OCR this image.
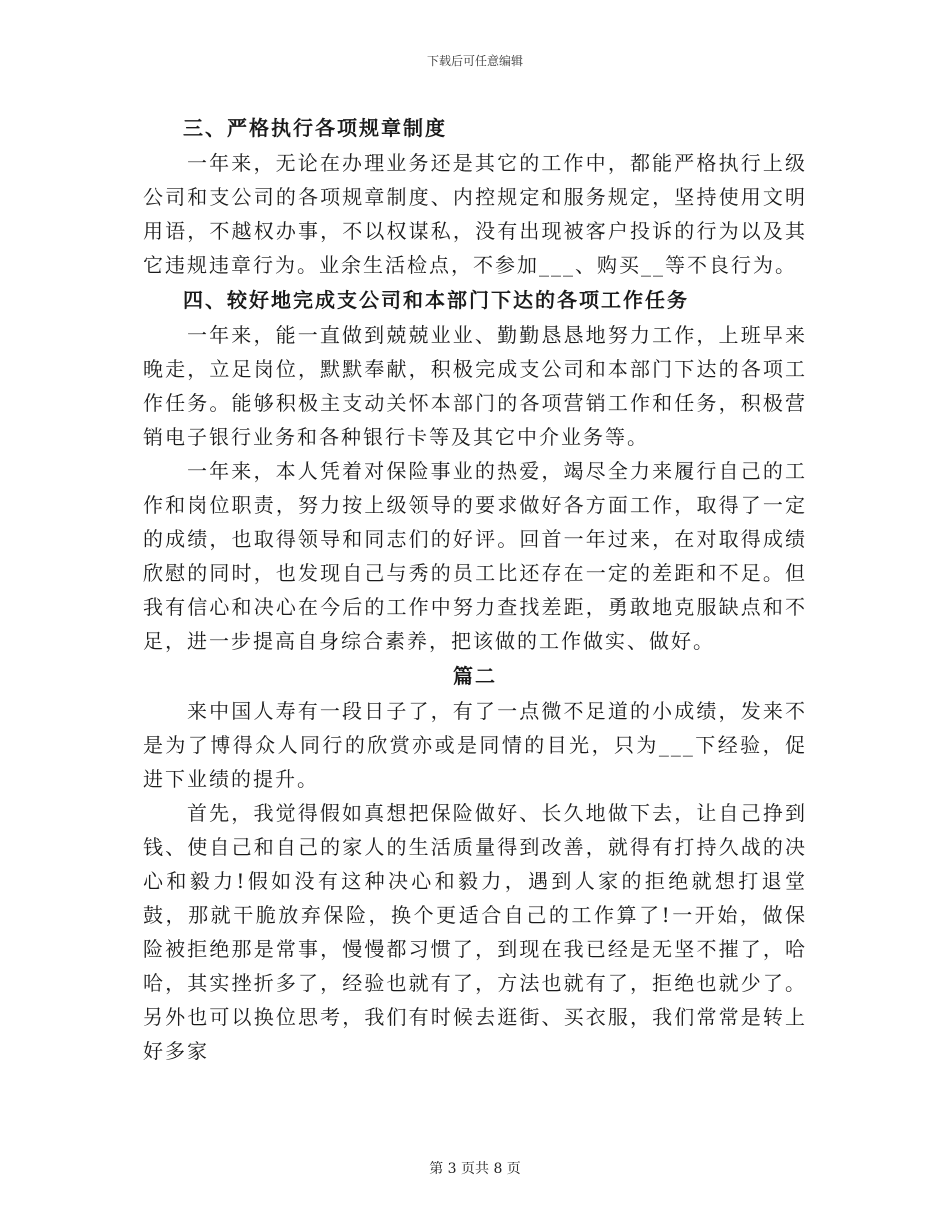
下载后可任意编辑
三、严格执行各项规章制度

一年来，无论在办理业务还是其它的工作中，都能严格执行上级公司和支公司的各项规章制度、内控规定和服务规定，坚持使用文明用语，不越权办事，不以权谋私，没有出现被客户投诉的行为以及其它违规违章行为。业余生活检点，不参加___、购买__等不良行为。

四、较好地完成支公司和本部门下达的各项工作任务

一年来，能一直做到兢兢业业、勤勤恳恳地努力工作，上班早来晚走，立足岗位，默默奉献，积极完成支公司和本部门下达的各项工作任务。能够积极主支动关怀本部门的各项营销工作和任务，积极营销电子银行业务和各种银行卡等及其它中介业务等。

一年来，本人凭着对保险事业的热爱，竭尽全力来履行自己的工作和岗位职责，努力按上级领导的要求做好各方面工作，取得了一定的成绩，也取得领导和同志们的好评。回首一年过来，在对取得成绩欣慰的同时，也发现自己与秀的员工比还存在一定的差距和不足。但我有信心和决心在今后的工作中努力查找差距，勇敢地克服缺点和不足，进一步提高自身综合素养，把该做的工作做实、做好。

篇二

来中国人寿有一段日子了，有了一点微不足道的小成绩，发来不是为了博得众人同行的欣赏亦或是同情的目光，只为___下经验，促进下业绩的提升。

首先，我觉得假如真想把保险做好、长久地做下去，让自己挣到钱、使自己和自己的家人的生活质量得到改善，就得有打持久战的决心和毅力!假如没有这种决心和毅力，遇到人家的拒绝就想打退堂鼓，那就干脆放弃保险，换个更适合自己的工作算了!一开始，做保险被拒绝那是常事，慢慢都习惯了，到现在我已经是无坚不摧了，哈哈，其实挫折多了，经验也就有了，方法也就有了，拒绝也就少了。另外也可以换位思考，我们有时候去逛街、买衣服，我们常常是转上好多家

第 3 页共 8 页
